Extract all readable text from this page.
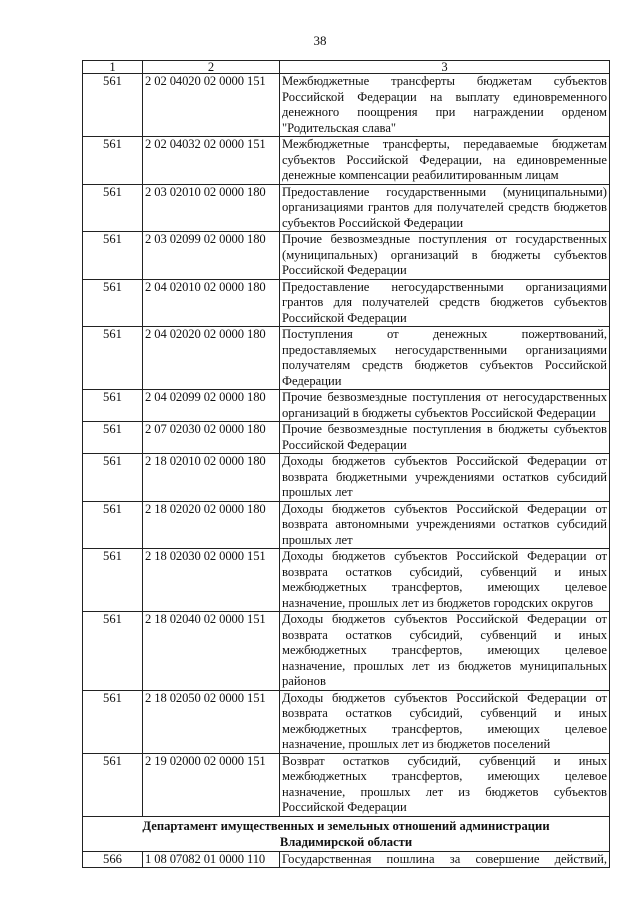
38
1	2	3
561	2 02 04020 02 0000 151	Межбюджетные трансферты бюджетам субъектов Российской Федерации на выплату единовременного денежного поощрения при награждении орденом "Родительская слава"
561	2 02 04032 02 0000 151	Межбюджетные трансферты, передаваемые бюджетам субъектов Российской Федерации, на единовременные денежные компенсации реабилитированным лицам
561	2 03 02010 02 0000 180	Предоставление государственными (муниципальными) организациями грантов для получателей средств бюджетов субъектов Российской Федерации
561	2 03 02099 02 0000 180	Прочие безвозмездные поступления от государственных (муниципальных) организаций в бюджеты субъектов Российской Федерации
561	2 04 02010 02 0000 180	Предоставление негосударственными организациями грантов для получателей средств бюджетов субъектов Российской Федерации
561	2 04 02020 02 0000 180	Поступления от денежных пожертвований, предоставляемых негосударственными организациями получателям средств бюджетов субъектов Российской Федерации
561	2 04 02099 02 0000 180	Прочие безвозмездные поступления от негосударственных организаций в бюджеты субъектов Российской Федерации
561	2 07 02030 02 0000 180	Прочие безвозмездные поступления в бюджеты субъектов Российской Федерации
561	2 18 02010 02 0000 180	Доходы бюджетов субъектов Российской Федерации от возврата бюджетными учреждениями остатков субсидий прошлых лет
561	2 18 02020 02 0000 180	Доходы бюджетов субъектов Российской Федерации от возврата автономными учреждениями остатков субсидий прошлых лет
561	2 18 02030 02 0000 151	Доходы бюджетов субъектов Российской Федерации от возврата остатков субсидий, субвенций и иных межбюджетных трансфертов, имеющих целевое назначение, прошлых лет из бюджетов городских округов
561	2 18 02040 02 0000 151	Доходы бюджетов субъектов Российской Федерации от возврата остатков субсидий, субвенций и иных межбюджетных трансфертов, имеющих целевое назначение, прошлых лет из бюджетов муниципальных районов
561	2 18 02050 02 0000 151	Доходы бюджетов субъектов Российской Федерации от возврата остатков субсидий, субвенций и иных межбюджетных трансфертов, имеющих целевое назначение, прошлых лет из бюджетов поселений
561	2 19 02000 02 0000 151	Возврат остатков субсидий, субвенций и иных межбюджетных трансфертов, имеющих целевое назначение, прошлых лет из бюджетов субъектов Российской Федерации

Департамент имущественных и земельных отношений администрации
Владимирской области		

566	1 08 07082 01 0000 110	Государственная пошлина за совершение действий,
